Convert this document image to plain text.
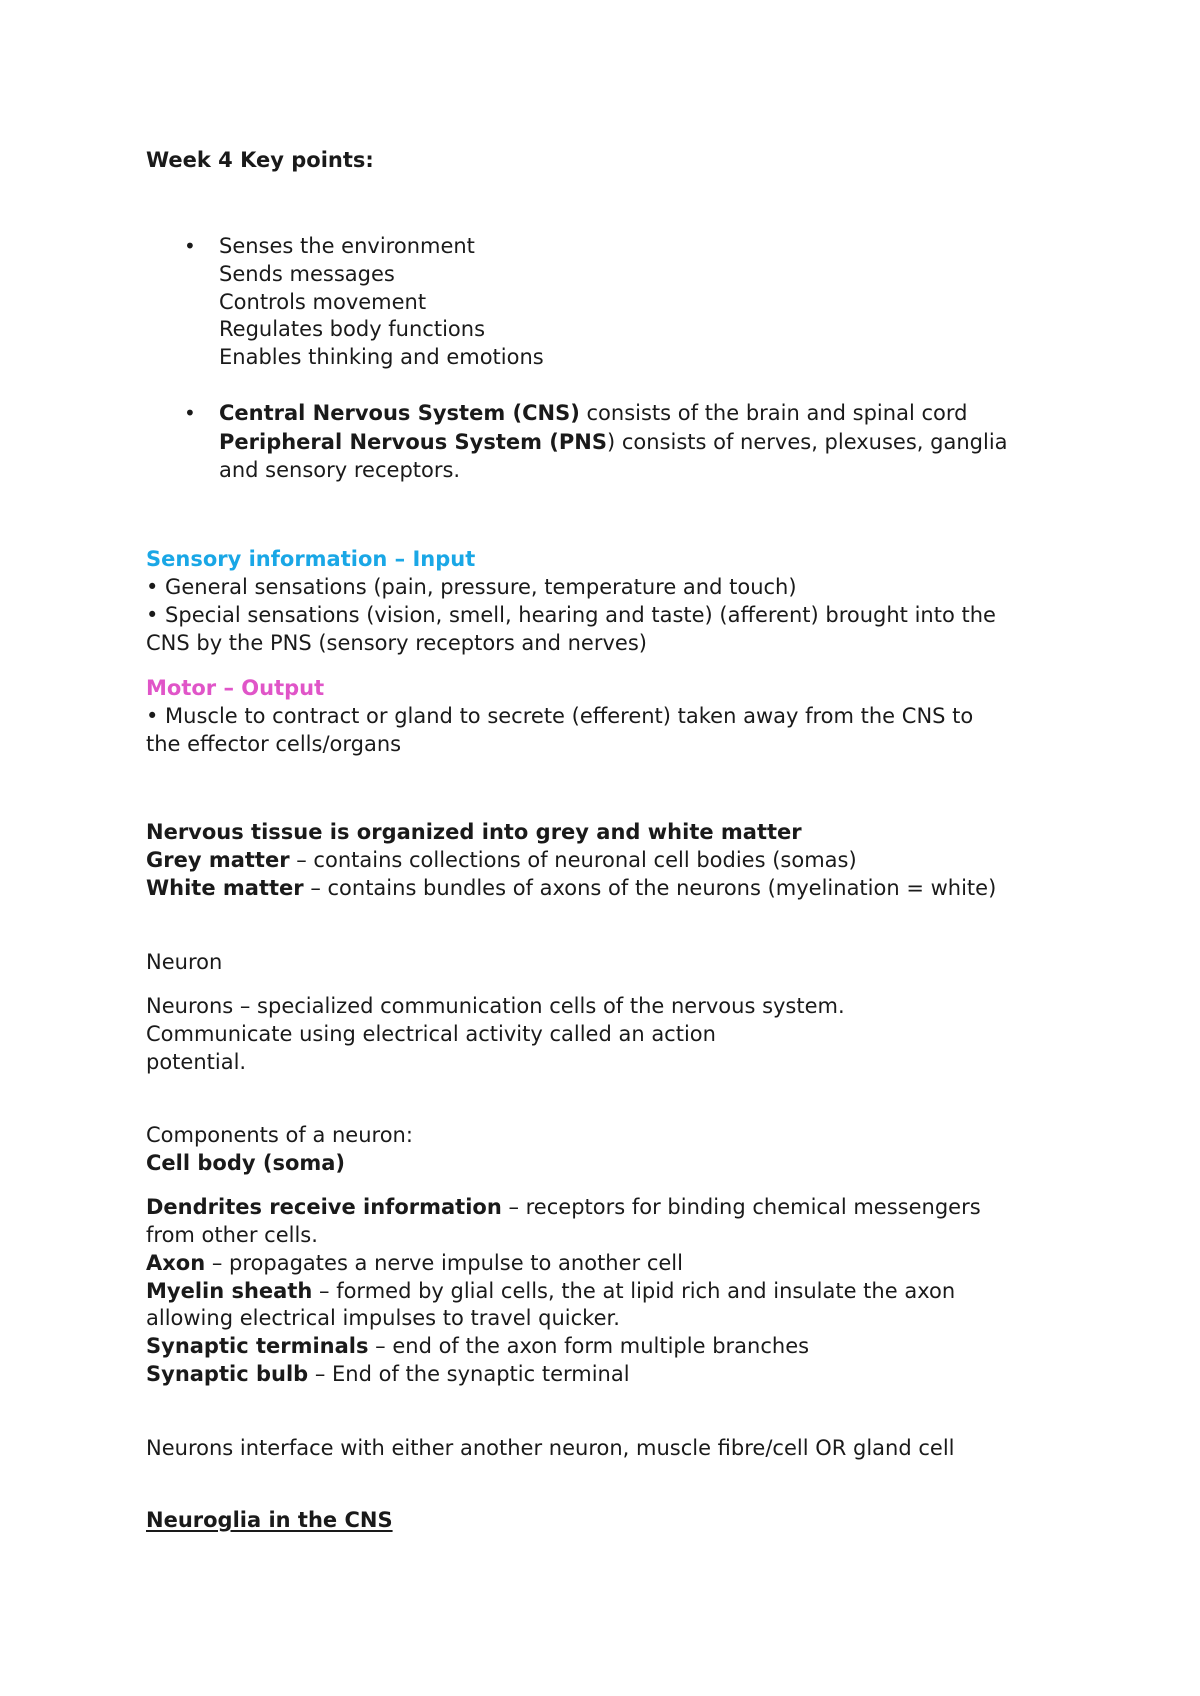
Week 4 Key points:
• Senses the environment
Sends messages
Controls movement
Regulates body functions
Enables thinking and emotions
• Central Nervous System (CNS) consists of the brain and spinal cord
Peripheral Nervous System (PNS) consists of nerves, plexuses, ganglia
and sensory receptors.
Sensory information – Input
• General sensations (pain, pressure, temperature and touch)
• Special sensations (vision, smell, hearing and taste) (afferent) brought into the
CNS by the PNS (sensory receptors and nerves)
Motor – Output
• Muscle to contract or gland to secrete (efferent) taken away from the CNS to
the effector cells/organs
Nervous tissue is organized into grey and white matter
Grey matter – contains collections of neuronal cell bodies (somas)
White matter – contains bundles of axons of the neurons (myelination = white)
Neuron
Neurons – specialized communication cells of the nervous system.
Communicate using electrical activity called an action
potential.
Components of a neuron:
Cell body (soma)
Dendrites receive information – receptors for binding chemical messengers
from other cells.
Axon – propagates a nerve impulse to another cell
Myelin sheath – formed by glial cells, the at lipid rich and insulate the axon
allowing electrical impulses to travel quicker.
Synaptic terminals – end of the axon form multiple branches
Synaptic bulb – End of the synaptic terminal
Neurons interface with either another neuron, muscle fibre/cell OR gland cell
Neuroglia in the CNS
